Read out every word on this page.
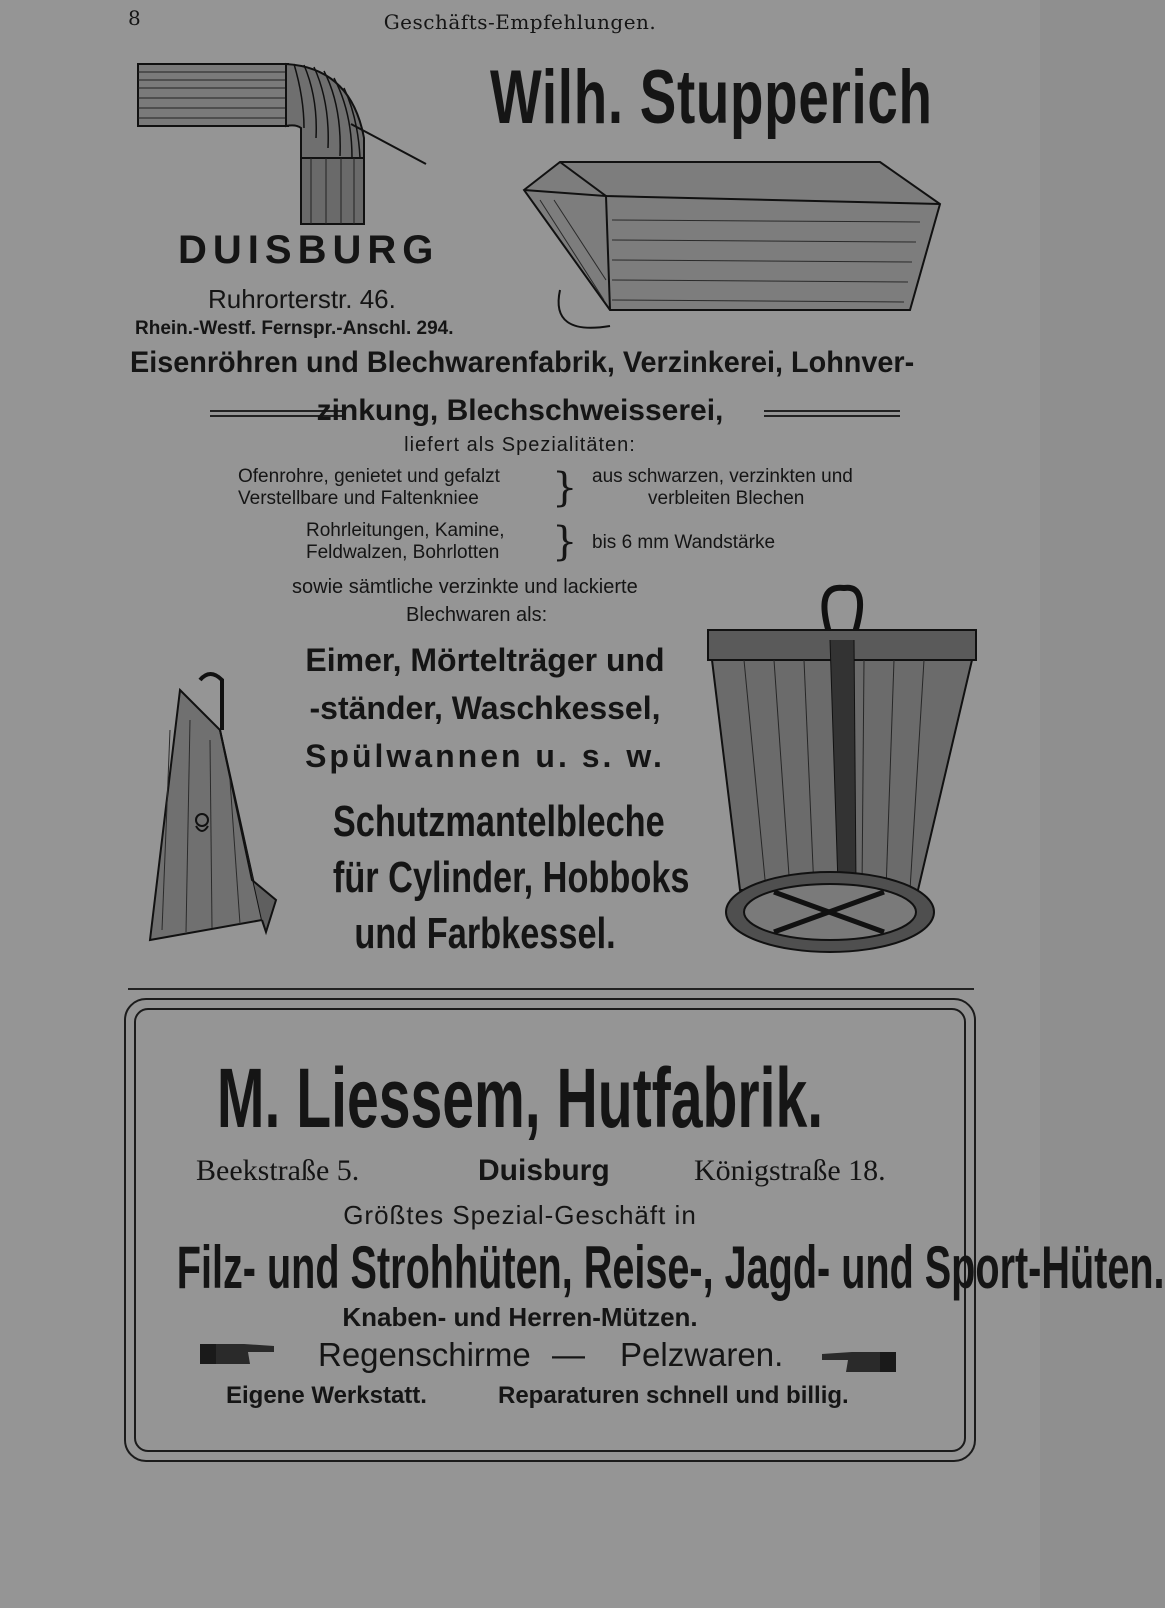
8	Geschäfts-Empfehlungen.
Wilh. Stupperich
DUISBURG
Ruhrorterstr. 46.
Rhein.-Westf. Fernspr.-Anschl. 294.
Eisenröhren und Blechwarenfabrik, Verzinkerei, Lohnver-
zinkung, Blechschweisserei,
liefert als Spezialitäten:
Ofenrohre, genietet und gefalzt
Verstellbare und Faltenkniee } aus schwarzen, verzinkten und
verbleiten Blechen
Rohrleitungen, Kamine,
Feldwalzen, Bohrlotten } bis 6 mm Wandstärke
sowie sämtliche verzinkte und lackierte
Blechwaren als:
Eimer, Mörtelträger und
-ständer, Waschkessel,
Spülwannen u. s. w.
Schutzmantelbleche
für Cylinder, Hobboks
und Farbkessel.
M. Liessem, Hutfabrik.
Beekstraße 5.	Duisburg	Königstraße 18.
Größtes Spezial-Geschäft in
Filz- und Strohhüten, Reise-, Jagd- und Sport-Hüten.
Knaben- und Herren-Mützen.
Regenschirme — Pelzwaren.
Eigene Werkstatt.	Reparaturen schnell und billig.
